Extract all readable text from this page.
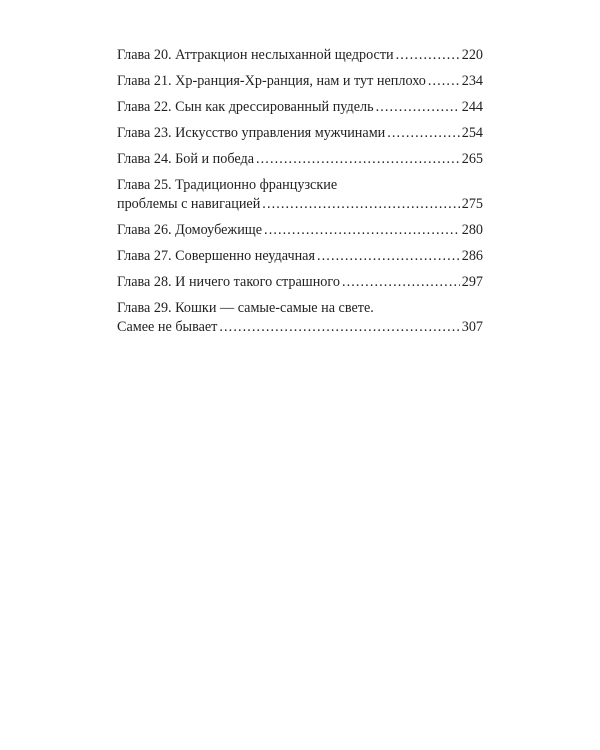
Глава 20. Аттракцион неслыханной щедрости .....	220
Глава 21. Хр-ранция-Хр-ранция, нам и тут неплохо .....	234
Глава 22. Сын как дрессированный пудель .....	244
Глава 23. Искусство управления мужчинами .....	254
Глава 24. Бой и победа .....	265
Глава 25. Традиционно французские
проблемы с навигацией .....	275
Глава 26. Домоубежище .....	280
Глава 27. Совершенно неудачная .....	286
Глава 28. И ничего такого страшного .....	297
Глава 29. Кошки — самые-самые на свете.
Самее не бывает .....	307
